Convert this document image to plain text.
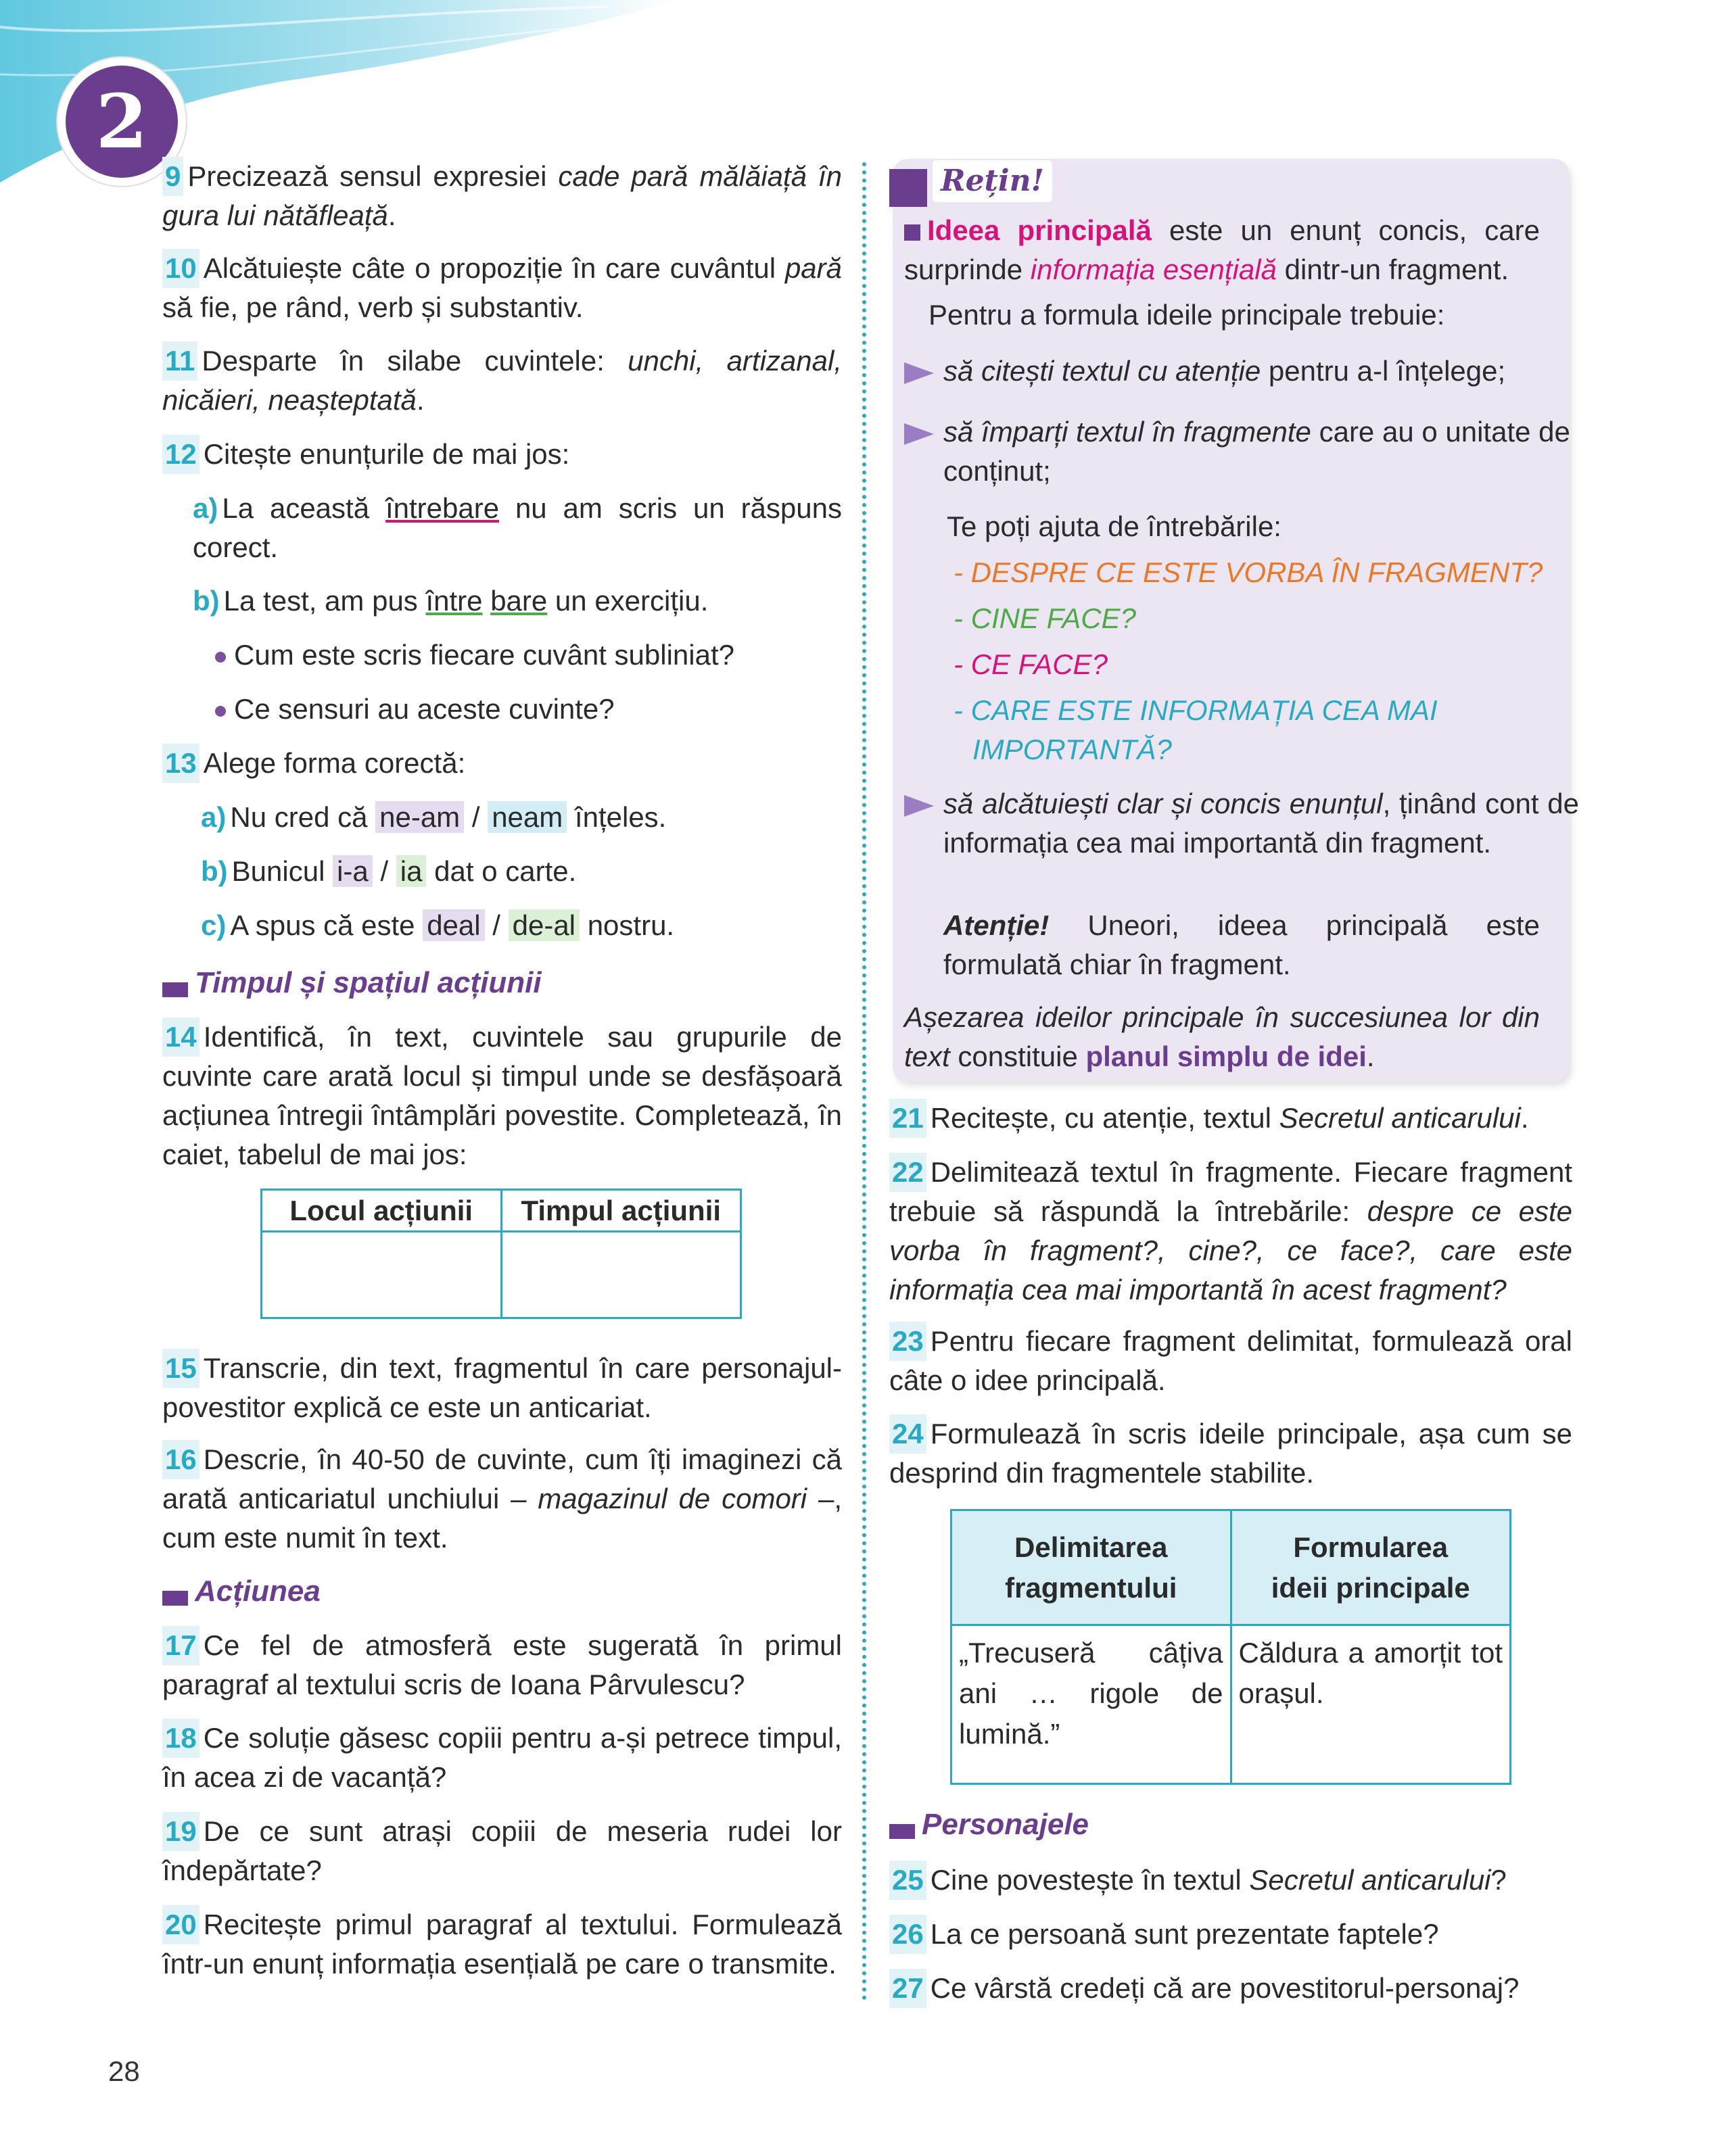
2
9 Precizează sensul expresiei cade pară mălăiață în gura lui nătăfleață.
10 Alcătuiește câte o propoziție în care cuvântul pară să fie, pe rând, verb și substantiv.
11 Desparte în silabe cuvintele: unchi, artizanal, nicăieri, neașteptată.
12 Citește enunțurile de mai jos:
a) La această întrebare nu am scris un răspuns corect.
b) La test, am pus între bare un exercițiu.
Cum este scris fiecare cuvânt subliniat?
Ce sensuri au aceste cuvinte?
13 Alege forma corectă:
a) Nu cred că ne-am / neam înțeles.
b) Bunicul i-a / ia dat o carte.
c) A spus că este deal / de-al nostru.
Timpul și spațiul acțiunii
14 Identifică, în text, cuvintele sau grupurile de cuvinte care arată locul și timpul unde se desfășoară acțiunea întregii întâmplări povestite. Completează, în caiet, tabelul de mai jos:
Locul acțiunii	Timpul acțiunii

15 Transcrie, din text, fragmentul în care personajul-povestitor explică ce este un anticariat.
16 Descrie, în 40-50 de cuvinte, cum îți imaginezi că arată anticariatul unchiului – magazinul de comori –, cum este numit în text.
Acțiunea
17 Ce fel de atmosferă este sugerată în primul paragraf al textului scris de Ioana Pârvulescu?
18 Ce soluție găsesc copiii pentru a-și petrece timpul, în acea zi de vacanță?
19 De ce sunt atrași copiii de meseria rudei lor îndepărtate?
20 Recitește primul paragraf al textului. Formulează într-un enunț informația esențială pe care o transmite.
28
Rețin!
Ideea principală este un enunț concis, care surprinde informația esențială dintr-un fragment.
Pentru a formula ideile principale trebuie:
să citești textul cu atenție pentru a-l înțelege;
să împarți textul în fragmente care au o unitate de conținut;
Te poți ajuta de întrebările:
- DESPRE CE ESTE VORBA ÎN FRAGMENT?
- CINE FACE?
- CE FACE?
- CARE ESTE INFORMAȚIA CEA MAI IMPORTANTĂ?
să alcătuiești clar și concis enunțul, ținând cont de informația cea mai importantă din fragment.
Atenție! Uneori, ideea principală este formulată chiar în fragment.
Așezarea ideilor principale în succesiunea lor din text constituie planul simplu de idei.
21 Recitește, cu atenție, textul Secretul anticarului.
22 Delimitează textul în fragmente. Fiecare fragment trebuie să răspundă la întrebările: despre ce este vorba în fragment?, cine?, ce face?, care este informația cea mai importantă în acest fragment?
23 Pentru fiecare fragment delimitat, formulează oral câte o idee principală.
24 Formulează în scris ideile principale, așa cum se desprind din fragmentele stabilite.
Delimitarea fragmentului	Formularea ideii principale
„Trecuseră câțiva ani … rigole de lumină.”	Căldura a amorțit tot orașul.
Personajele
25 Cine povestește în textul Secretul anticarului?
26 La ce persoană sunt prezentate faptele?
27 Ce vârstă credeți că are povestitorul-personaj?
